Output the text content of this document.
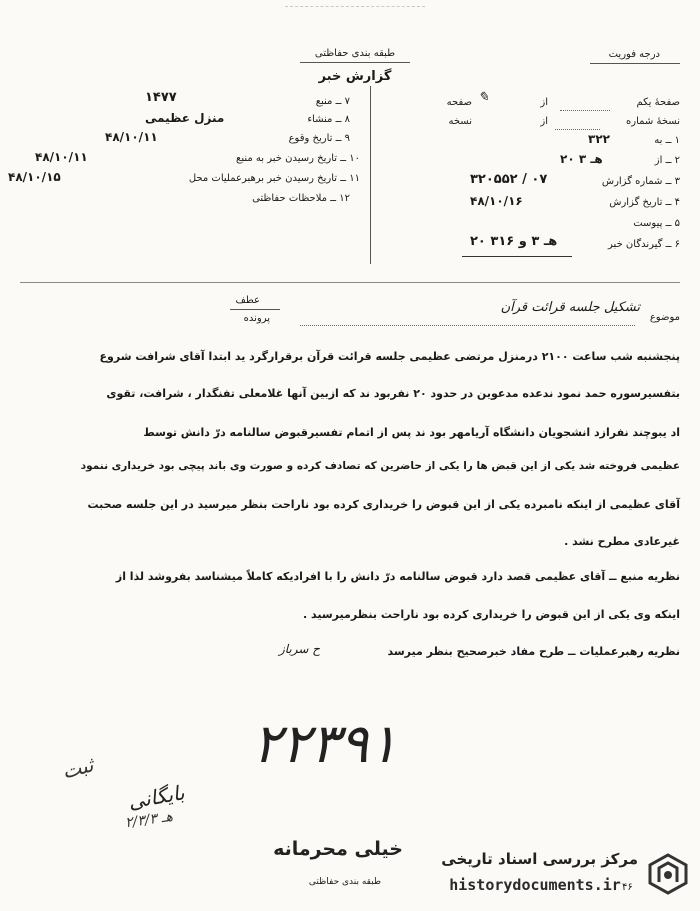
طبقه بندی حفاظتی
گزارش خبر
درجه فوریت
صفحهٔ یکم
از
صفحه ✎
نسخهٔ شماره
از
نسخه
۱ ــ به
۳۲۲
۲ ــ از
۲۰ هـ ۳
۳ ــ شماره گزارش
۳۲۰۵۵۲ / ۰۷
۴ ــ تاریخ گزارش
۴۸/۱۰/۱۶
۵ ــ پیوست
۶ ــ گیرندگان خبر
۲۰ هـ ۳ و ۳۱۶
۷ ــ منبع
۱۴۷۷
۸ ــ منشاء
منزل عظیمی
۹ ــ تاریخ وقوع
۴۸/۱۰/۱۱
۱۰ ــ تاریخ رسیدن خبر به منبع
۴۸/۱۰/۱۱
۱۱ ــ تاریخ رسیدن خبر برهبرعملیات محل
۴۸/۱۰/۱۵
۱۲ ــ ملاحظات حفاظتی
عطف
پرونده	موضوع
تشکیل جلسه قرائت قرآن
پنجشنبه شب ساعت ۲۱۰۰ درمنزل مرتضی عظیمی جلسه قرائت قرآن برقرارگرد ید ابتدا آقای شرافت شروع
بتفسیرسوره حمد نمود ندعده مدعوین در حدود ۲۰ نفربود ند که ازبین آنها غلامعلی تفنگدار ، شرافت، تقوی
اد یبوچند نفرازد انشجویان دانشگاه آریامهر بود ند پس از اتمام تفسیرقبوض سالنامه درّ دانش توسط
عظیمی فروخته شد یکی از این قبض ها را یکی از حاضرین که تصادف کرده و صورت وی باند پیچی بود خریداری ننمود
آقای عظیمی از اینکه نامبرده یکی از این قبوض را خریداری کرده بود ناراحت بنظر میرسید در این جلسه صحبت
غیرعادی مطرح نشد .
نظریه منبع ــ آقای عظیمی قصد دارد قبوض سالنامه درّ دانش را با افرادیکه کاملاً میشناسد بفروشد لذا از
اینکه وی یکی از این قبوض را خریداری کرده بود ناراحت بنظرمیرسید .
نظریه رهبرعملیات ــ طرح مفاد خبرصحیح بنظر میرسد
ح سرباز
۲۲۳۹۱
ثبت
بایگانی
۲/۳/هـ ۳
خیلی محرمانه
طبقه بندی حفاظتی	۴۶
مرکز بررسی اسناد تاریخی
historydocuments.ir
